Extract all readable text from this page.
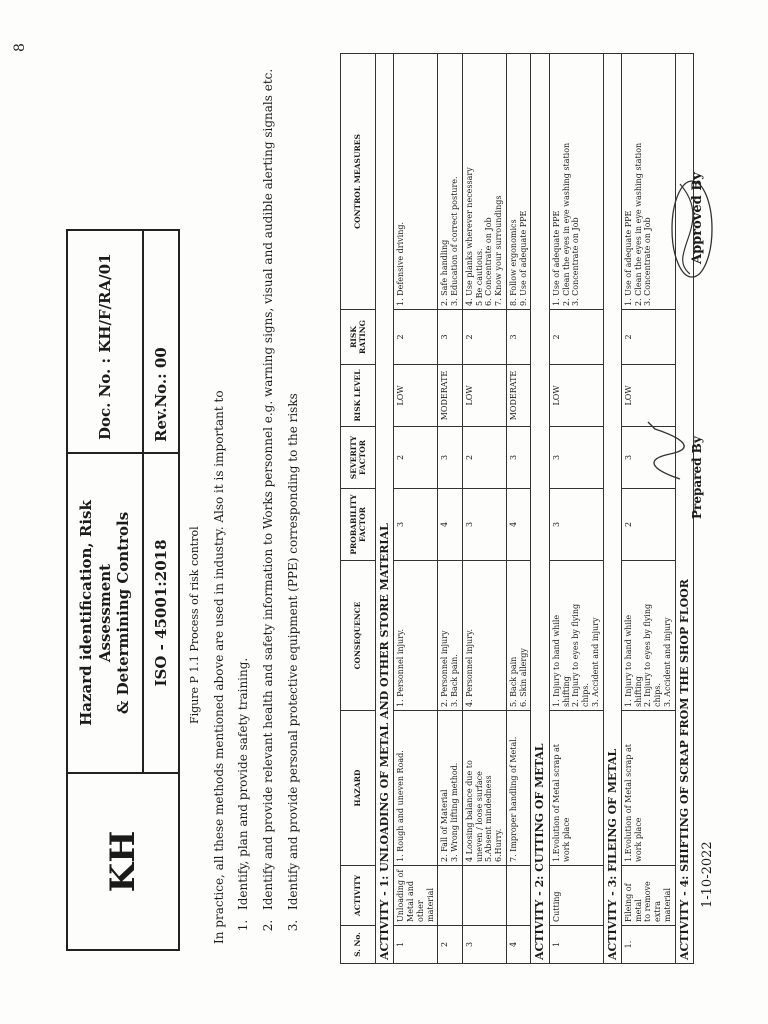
8
KH
Hazard identification, Risk Assessment
& Determining Controls	ISO - 45001:2018
Doc. No. : KH/F/RA/01	Rev.No.: 00
Figure P 1.1 Process of risk control In practice, all these methods mentioned above are used in industry. Also it is important to 1. Identify, plan and provide safety training. 2. Identify and provide relevant health and safety information to Works personnel e.g. warning signs, visual and audible alerting signals etc. 3. Identify and provide personal protective equipment (PPE) corresponding to the risks
S. No.	ACTIVITY	HAZARD	CONSEQUENCE	PROBABILITY FACTOR	SEVERITY FACTOR	RISK LEVEL	RISK RATING	CONTROL MEASURES
ACTIVITY - 1: UNLOADING OF METAL AND OTHER STORE MATERIAL								
1	Unloading of
Metal and other
material	1. Rough and uneven Road.	1. Personnel injury.	3	2	LOW	2	1. Defensive driving.
2		2. Fall of Material
3. Wrong lifting method.	2. Personnel injury
3. Back pain.	4	3	MODERATE	3	2. Safe handling
3. Education of correct posture.
3		4 Loosing balance due to
uneven / loose surface
5.Absent mindedness
6.Hurry.	4. Personnel injury.	3	2	LOW	2	4. Use planks wherever necessary
5 Be cautious.
6. Concentrate on Job
7. Know your surroundings
4		7. Improper handling of Metal.	5. Back pain
6. Skin allergy	4	3	MODERATE	3	8. Follow ergonomics
9. Use of adequate PPE
ACTIVITY - 2: CUTTING OF METAL								
1	Cutting	1.Evolution of Metal scrap at
work place	1. Injury to hand while
shifting
2. Injury to eyes by flying
chips.
3. Accident and injury	3	3	LOW	2	1. Use of adequate PPE
2. Clean the eyes in eye washing station
3. Concentrate on Job
ACTIVITY - 3: FILEING OF METAL								
1.	Fileing of metal
to remove extra
material	1.Evolution of Metal scrap at
work place	1. Injury to hand while
shifting
2. Injury to eyes by flying
chips.
3. Accident and injury	2	3	LOW	2	1. Use of adequate PPE
2. Clean the eyes in eye washing station
3. Concentrate on Job
ACTIVITY - 4: SHIFTING OF SCRAP FROM THE SHOP FLOOR								1-10-2022
Prepared By
Approved By
